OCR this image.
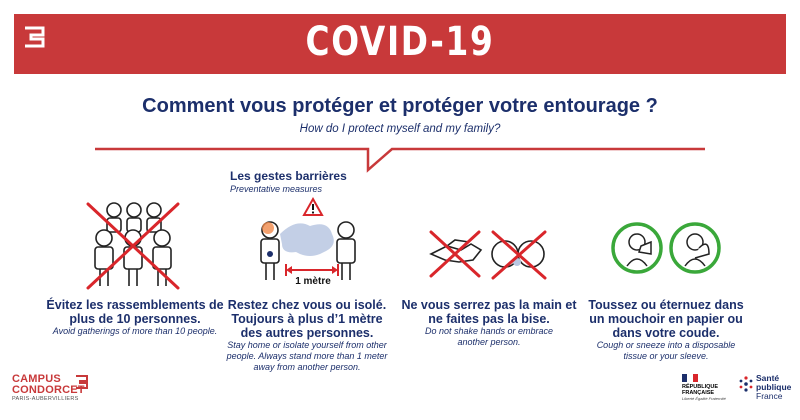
COVID-19
Comment vous protéger et protéger votre entourage ?
How do I protect myself and my family?
Les gestes barrières
Preventative measures
1 mètre
Évitez les rassemblements de plus de 10 personnes.
Avoid gatherings of more than 10 people.
Restez chez vous ou isolé. Toujours à plus d’1 mètre des autres personnes.
Stay home or isolate yourself from other people. Always stand more than 1 meter away from another person.
Ne vous serrez pas la main et ne faites pas la bise.
Do not shake hands or embrace another person.
Toussez ou éternuez dans un mouchoir en papier ou dans votre coude.
Cough or sneeze into a disposable tissue or your sleeve.
CAMPUS
CONDORCET
PARIS-AUBERVILLIERS
RÉPUBLIQUE
FRANÇAISE
Liberté Égalité Fraternité
Santé
publique
France
